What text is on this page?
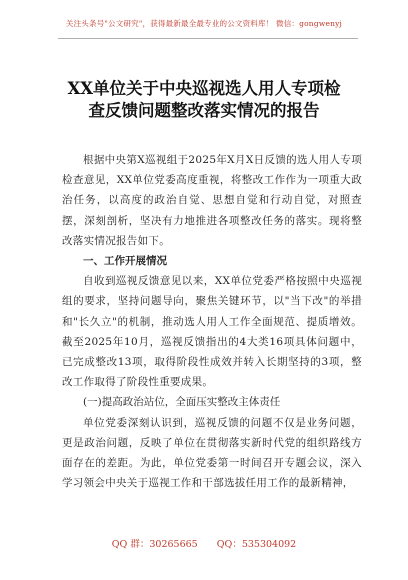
关注头条号"公文研究"，获得最新最全最专业的公文资料库！ 微信：gongwenyj
XX单位关于中央巡视选人用人专项检
查反馈问题整改落实情况的报告

根据中央第X巡视组于2025年X月X日反馈的选人用人专项检查意见，XX单位党委高度重视，将整改工作作为一项重大政治任务，以高度的政治自觉、思想自觉和行动自觉，对照查摆，深刻剖析，坚决有力地推进各项整改任务的落实。现将整改落实情况报告如下。

一、工作开展情况

自收到巡视反馈意见以来，XX单位党委严格按照中央巡视组的要求，坚持问题导向，聚焦关键环节，以"当下改"的举措和"长久立"的机制，推动选人用人工作全面规范、提质增效。截至2025年10月，巡视反馈指出的4大类16项具体问题中，已完成整改13项，取得阶段性成效并转入长期坚持的3项，整改工作取得了阶段性重要成果。

(一)提高政治站位，全面压实整改主体责任

单位党委深刻认识到，巡视反馈的问题不仅是业务问题，更是政治问题，反映了单位在贯彻落实新时代党的组织路线方面存在的差距。为此，单位党委第一时间召开专题会议，深入学习领会中央关于巡视工作和干部选拔任用工作的最新精神，

QQ 群：30265665 QQ：535304092
